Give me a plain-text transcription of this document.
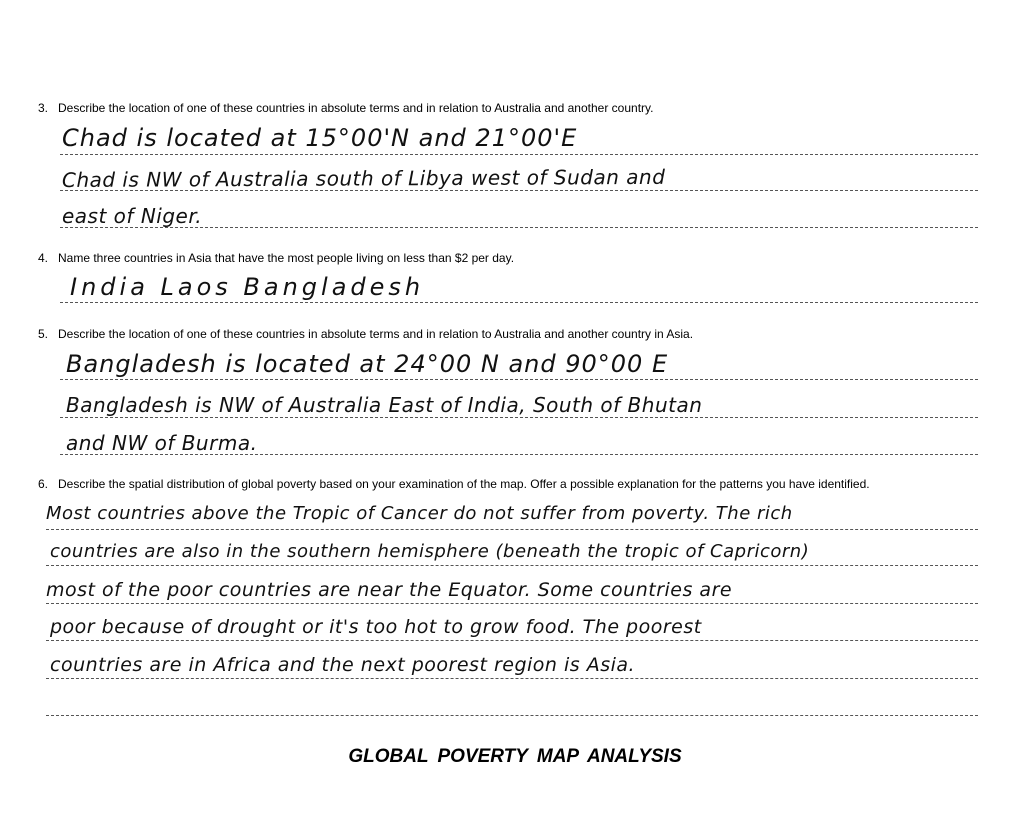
3. Describe the location of one of these countries in absolute terms and in relation to Australia and another country.
Chad is located at 15°00'N and 21°00'E
Chad is NW of Australia south of Libya west of Sudan and
east of Niger.
4. Name three countries in Asia that have the most people living on less than $2 per day.
India Laos Bangladesh
5. Describe the location of one of these countries in absolute terms and in relation to Australia and another country in Asia.
Bangladesh is located at 24°00 N and 90°00 E
Bangladesh is NW of Australia East of India, South of Bhutan
and NW of Burma.
6. Describe the spatial distribution of global poverty based on your examination of the map. Offer a possible explanation for the patterns you have identified.
Most countries above the Tropic of Cancer do not suffer from poverty. The rich
countries are also in the southern hemisphere (beneath the tropic of Capricorn)
most of the poor countries are near the Equator. Some countries are
poor because of drought or it's too hot to grow food. The poorest
countries are in Africa and the next poorest region is Asia.
GLOBAL POVERTY MAP ANALYSIS
